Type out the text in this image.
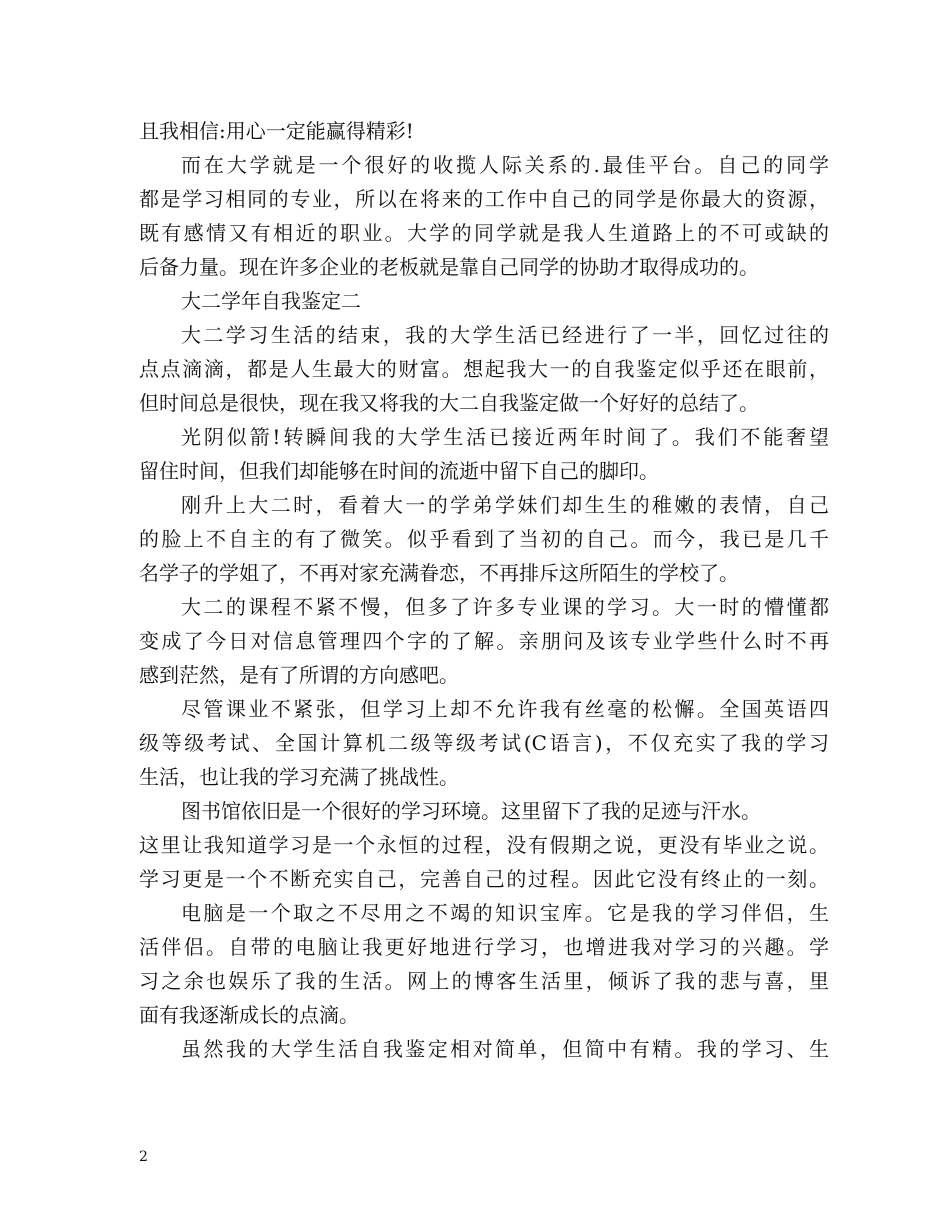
且我相信:用心一定能赢得精彩!
而在大学就是一个很好的收揽人际关系的.最佳平台。自己的同学
都是学习相同的专业，所以在将来的工作中自己的同学是你最大的资源，
既有感情又有相近的职业。大学的同学就是我人生道路上的不可或缺的
后备力量。现在许多企业的老板就是靠自己同学的协助才取得成功的。
大二学年自我鉴定二
大二学习生活的结束，我的大学生活已经进行了一半，回忆过往的
点点滴滴，都是人生最大的财富。想起我大一的自我鉴定似乎还在眼前，
但时间总是很快，现在我又将我的大二自我鉴定做一个好好的总结了。
光阴似箭!转瞬间我的大学生活已接近两年时间了。我们不能奢望
留住时间，但我们却能够在时间的流逝中留下自己的脚印。
刚升上大二时，看着大一的学弟学妹们却生生的稚嫩的表情，自己
的脸上不自主的有了微笑。似乎看到了当初的自己。而今，我已是几千
名学子的学姐了，不再对家充满眷恋，不再排斥这所陌生的学校了。
大二的课程不紧不慢，但多了许多专业课的学习。大一时的懵懂都
变成了今日对信息管理四个字的了解。亲朋问及该专业学些什么时不再
感到茫然，是有了所谓的方向感吧。
尽管课业不紧张，但学习上却不允许我有丝毫的松懈。全国英语四
级等级考试、全国计算机二级等级考试(C语言)，不仅充实了我的学习
生活，也让我的学习充满了挑战性。
图书馆依旧是一个很好的学习环境。这里留下了我的足迹与汗水。
这里让我知道学习是一个永恒的过程，没有假期之说，更没有毕业之说。
学习更是一个不断充实自己，完善自己的过程。因此它没有终止的一刻。
电脑是一个取之不尽用之不竭的知识宝库。它是我的学习伴侣，生
活伴侣。自带的电脑让我更好地进行学习，也增进我对学习的兴趣。学
习之余也娱乐了我的生活。网上的博客生活里，倾诉了我的悲与喜，里
面有我逐渐成长的点滴。
虽然我的大学生活自我鉴定相对简单，但简中有精。我的学习、生
2
